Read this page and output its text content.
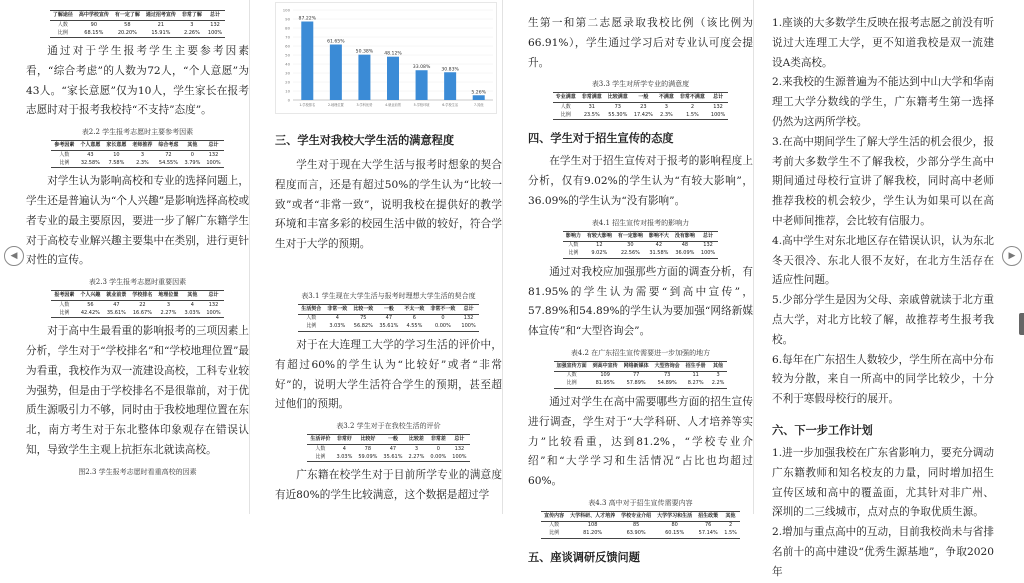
◀	▶
了解途径	高中学校宣传	有一定了解	通过招考宣传	非常了解	总计
人数	90	58	21	3	132
比例	68.15%	20.20%	15.91%	2.26%	100%

通过对于学生报考学生主要参考因素看，“综合考虑”的人数为72人，“个人意愿”为43人。“家长意愿”仅为10人，学生家长在报考志愿时对于报考我校持“不支持”态度”。

表2.2 学生报考志愿时主要参考因素
参考因素	个人意愿	家长意愿	老师推荐	综合考虑	其他	总计
人数	43	10	3	72	0	132
比例	32.58%	7.58%	2.3%	54.55%	3.79%	100%

对学生认为影响高校和专业的选择问题上，学生还是普遍认为“个人兴趣”是影响选择高校或者专业的最主要原因，要进一步了解广东籍学生对于高校专业解兴趣主要集中在类别，进行更针对性的宣传。

表2.3 学生报考志愿时重要因素
报考因素	个人兴趣	就业前景	学校排名	地理位置	其他	总计
人数	56	47	22	3	4	132
比例	42.42%	35.61%	16.67%	2.27%	3.03%	100%

对于高中生最看重的影响报考的三项因素上分析，学生对于“学校排名”和“学校地理位置”最为看重，我校作为双一流建设高校，工科专业较为强势，但是由于学校排名不是很靠前，对于优质生源吸引力不够，同时由于我校地理位置在东北，南方考生对于东北整体印象观存在错误认知，导致学生主观上抗拒东北就读高校。

图2.3 学生报考志愿时看重高校的因素
0
10
20
30
40
50
60
70
80
90
100
87.22%
1.学校排名
61.65%
2.地理位置
50.38%
3.学科优势
48.12%
4.就业前景
33.08%
5.学校环境
30.83%
6.学校生活
5.26%
7.其他
三、学生对我校大学生活的满意程度

学生对于现在大学生活与报考时想象的契合程度而言，还是有超过50%的学生认为“比较一致”或者“非常一致”，说明我校在提供好的教学环境和丰富多彩的校园生活中做的较好，符合学生对于大学的预期。

表3.1 学生现在大学生活与报考时理想大学生活的契合度
生活契合	非常一致	比较一致	一般	不太一致	非常不一致	总计
人数	4	75	47	6	0	132
比例	3.03%	56.82%	35.61%	4.55%	0.00%	100%

对于在大连理工大学的学习生活的评价中，有超过60%的学生认为“比较好”或者“非常好”的，说明大学生活符合学生的预期，甚至超过他们的预期。

表3.2 学生对于在我校生活的评价
生活评价	非常好	比较好	一般	比较差	非常差	总计
人数	4	78	47	3	0	132
比例	3.03%	59.09%	35.61%	2.27%	0.00%	100%

广东籍在校学生对于目前所学专业的满意度有近80%的学生比较满意，这个数据是超过学

生第一和第二志愿录取我校比例（该比例为66.91%），学生通过学习后对专业认可度会提升。

表3.3 学生对所学专业的满意度
专业满意	非常满意	比较满意	一般	不满意	非常不满意	总计
人数	31	73	23	3	2	132
比例	23.5%	55.30%	17.42%	2.3%	1.5%	100%
四、学生对于招生宣传的态度

在学生对于招生宣传对于报考的影响程度上分析，仅有9.02%的学生认为“有较大影响”，36.09%的学生认为“没有影响”。

表4.1 招生宣传对报考的影响力
影响力	有较大影响	有一定影响	影响不大	没有影响	总计
人数	12	30	42	48	132
比例	9.02%	22.56%	31.58%	36.09%	100%

通过对我校应加强那些方面的调查分析，有81.95%的学生认为需要“到高中宣传”，57.89%和54.89%的学生认为要加强“网络新媒体宣传”和“大型咨询会”。

表4.2 在广东招生宣传需要进一步加强的地方
加强宣传方面	到高中宣传	网络新媒体	大型咨询会	招生手册	其他
人数	109	77	73	11	3
比例	81.95%	57.89%	54.89%	8.27%	2.2%

通过对学生在高中需要哪些方面的招生宣传进行调查，学生对于“大学科研、人才培养等实力”比较看重，达到81.2%，“学校专业介绍”和“大学学习和生活情况”占比也均超过60%。

表4.3 高中对于招生宣传需要内容
宣传内容	大学科研、人才培养	学校专业介绍	大学学习和生活	招生政策	其他
人数	108	85	80	76	2
比例	81.20%	63.90%	60.15%	57.14%	1.5%
五、座谈调研反馈问题

1.座谈的大多数学生反映在报考志愿之前没有听说过大连理工大学，更不知道我校是双一流建设A类高校。

2.来我校的生源普遍为不能达到中山大学和华南理工大学分数线的学生，广东籍考生第一选择仍然为这两所学校。

3.在高中期间学生了解大学生活的机会很少，报考前大多数学生不了解我校，少部分学生高中期间通过母校行宣讲了解我校，同时高中老师推荐我校的机会较少，学生认为如果可以在高中老师间推荐，会比较有信服力。

4.高中学生对东北地区存在错误认识，认为东北冬天很冷、东北人很不友好，在北方生活存在适应性问题。

5.少部分学生是因为父母、亲戚曾就读于北方重点大学，对北方比较了解，故推荐考生报考我校。

6.每年在广东招生人数较少，学生所在高中分布较为分散，来自一所高中的同学比较少，十分不利于寒假母校行的展开。

六、下一步工作计划

1.进一步加强我校在广东省影响力，要充分调动广东籍教师和知名校友的力量，同时增加招生宣传区域和高中的覆盖面，尤其针对非广州、深圳的二三线城市，点对点的争取优质生源。

2.增加与重点高中的互动，目前我校尚未与省排名前十的高中建设“优秀生源基地”，争取2020年
